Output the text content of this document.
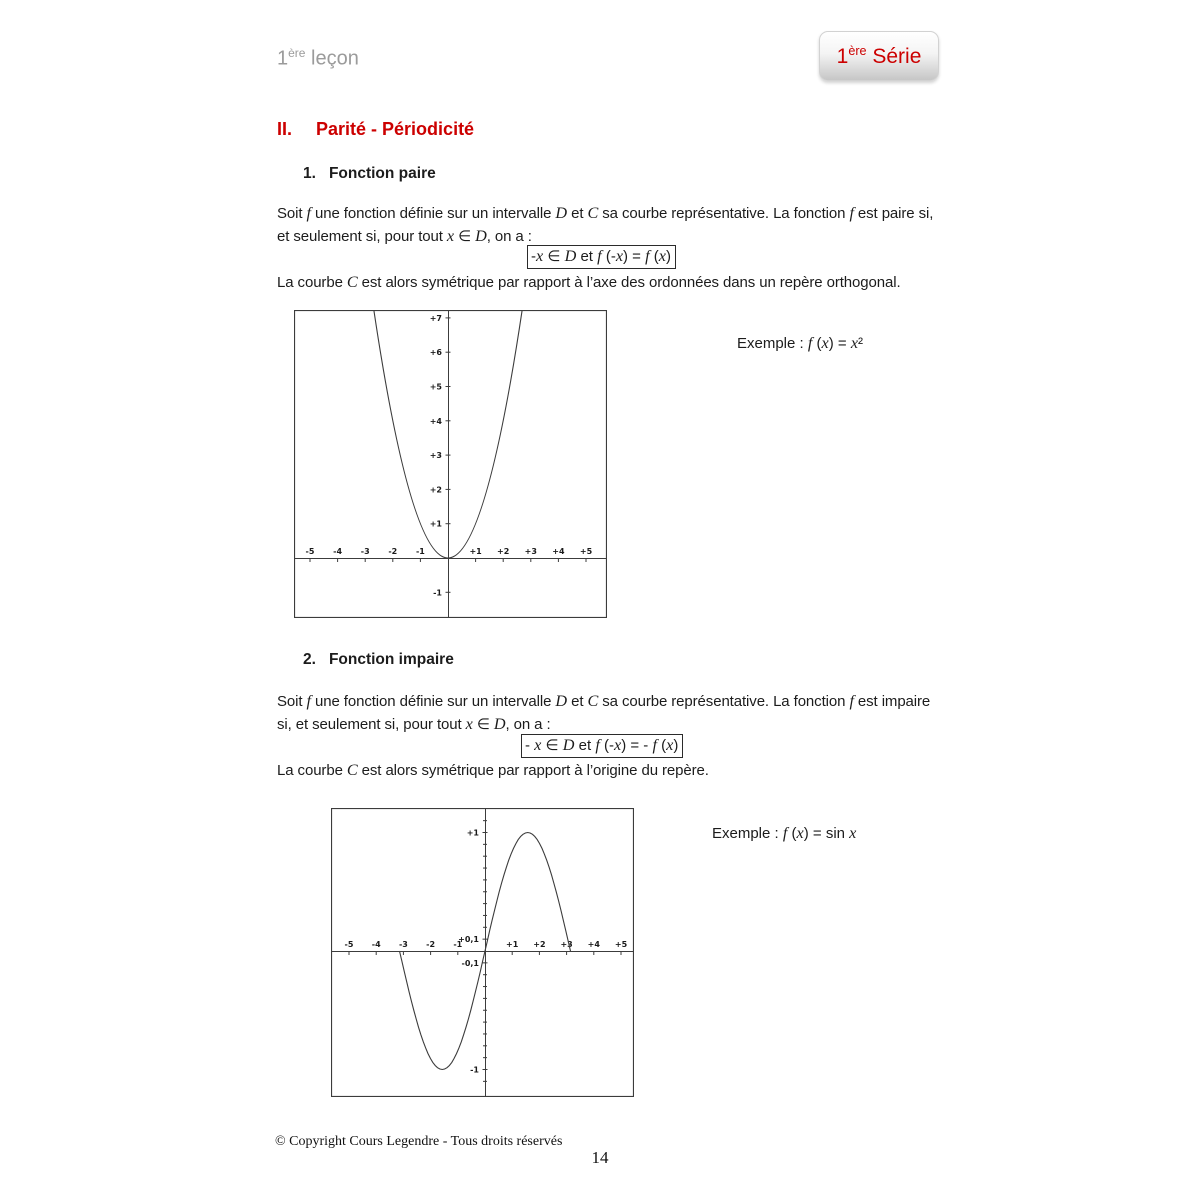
1ère leçon	1ère Série
II. Parité - Périodicité
1. Fonction paire
Soit f une fonction définie sur un intervalle D et C sa courbe représentative. La fonction f est paire si,
et seulement si, pour tout x ∈ D, on a :
-x ∈ D et f (-x) = f (x)
La courbe C est alors symétrique par rapport à l’axe des ordonnées dans un repère orthogonal.
-5 -4 -3 -2 -1	+1 +2 +3 +4 +5
+7
+6
+5
+4
+3
+2
+1
-1
Exemple : f (x) = x²
2. Fonction impaire
Soit f une fonction définie sur un intervalle D et C sa courbe représentative. La fonction f est impaire
si, et seulement si, pour tout x ∈ D, on a :
- x ∈ D et f (-x) = - f (x)
La courbe C est alors symétrique par rapport à l’origine du repère.
-5 -4 -3 -2 -1	+1 +2 +3 +4 +5
+1
+0,1
-0,1
-1
Exemple : f (x) = sin x
© Copyright Cours Legendre - Tous droits réservés
14
